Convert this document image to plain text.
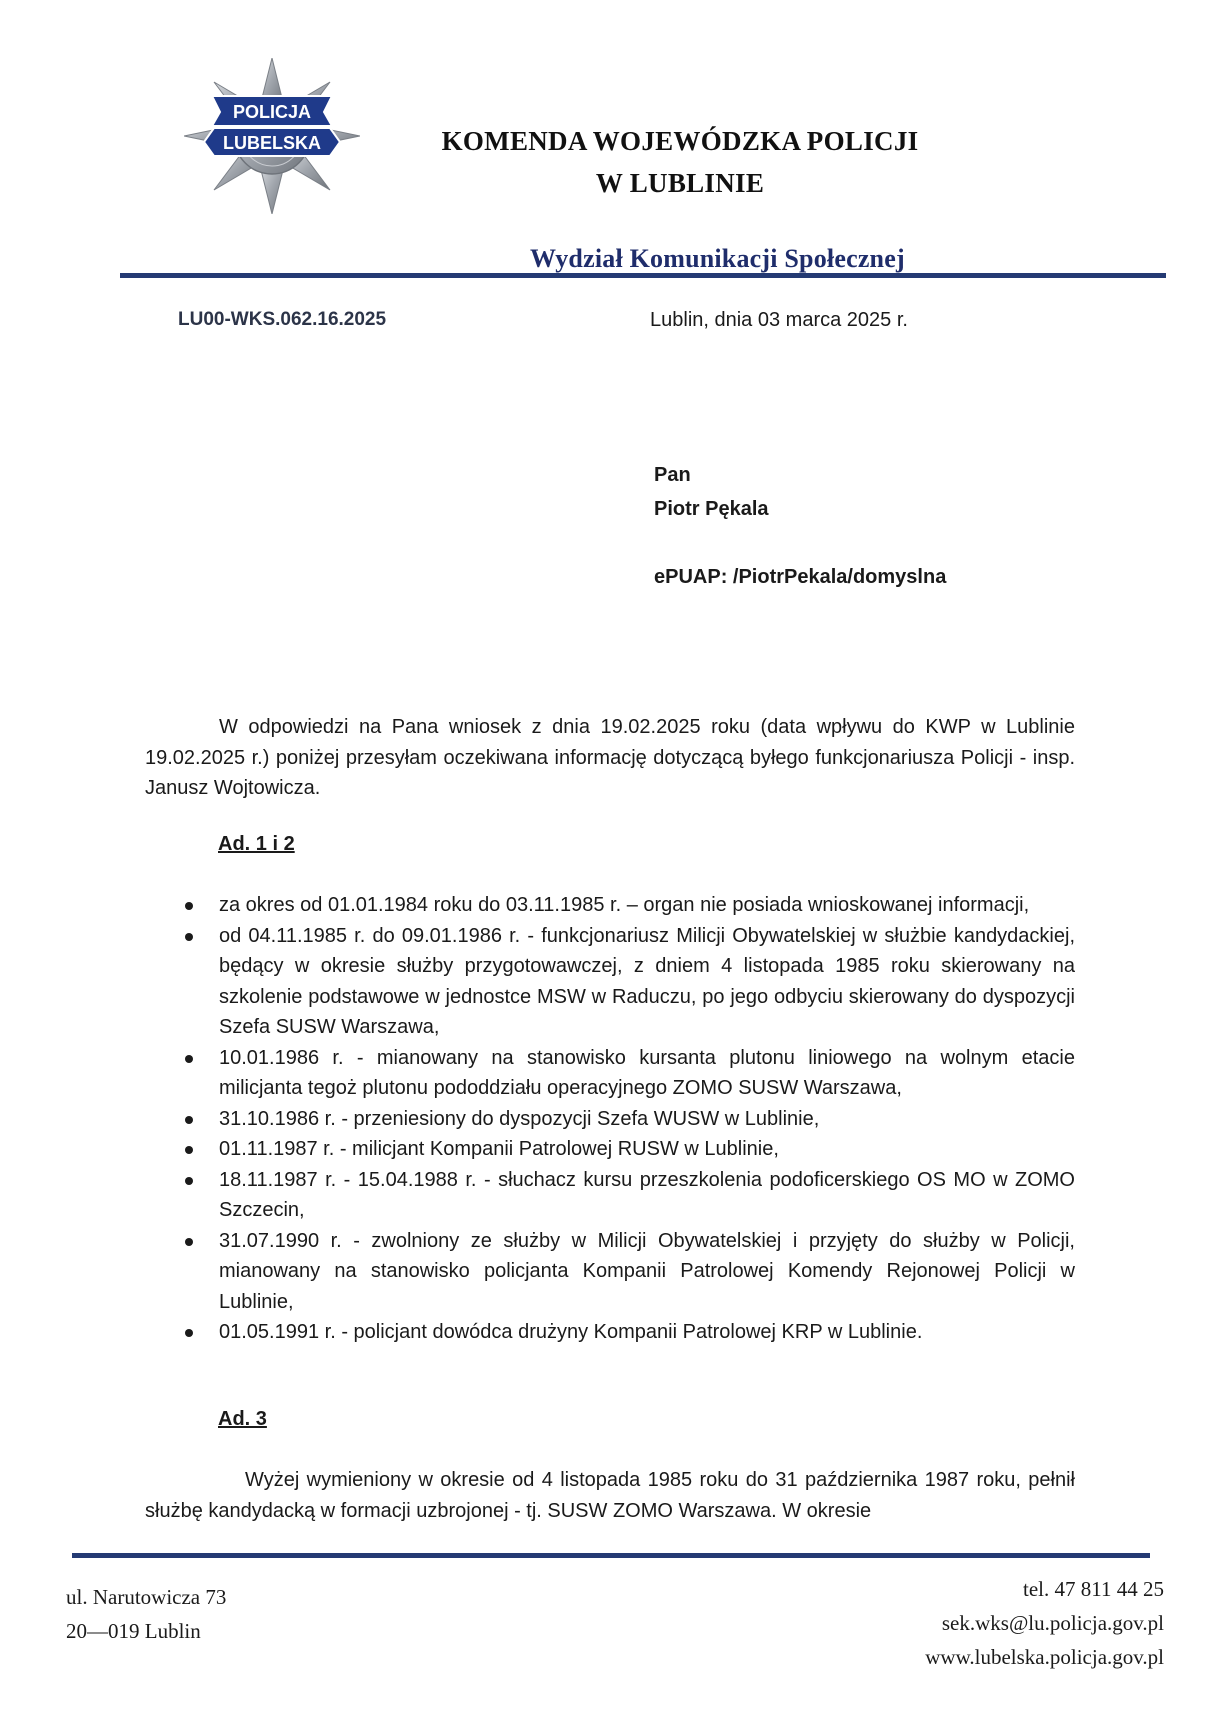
POLICJA
LUBELSKA	KOMENDA WOJEWÓDZKA POLICJI
W LUBLINIE
Wydział Komunikacji Społecznej
LU00-WKS.062.16.2025	Lublin, dnia 03 marca 2025 r.
Pan
Piotr Pękala
ePUAP: /PiotrPekala/domyslna

W odpowiedzi na Pana wniosek z dnia 19.02.2025 roku (data wpływu do KWP w Lublinie 19.02.2025 r.) poniżej przesyłam oczekiwana informację dotyczącą byłego funkcjonariusza Policji - insp. Janusz Wojtowicza.

Ad. 1 i 2
za okres od 01.01.1984 roku do 03.11.1985 r. – organ nie posiada wnioskowanej informacji,
od 04.11.1985 r. do 09.01.1986 r. - funkcjonariusz Milicji Obywatelskiej w służbie kandydackiej, będący w okresie służby przygotowawczej, z dniem 4 listopada 1985 roku skierowany na szkolenie podstawowe w jednostce MSW w Raduczu, po jego odbyciu skierowany do dyspozycji Szefa SUSW Warszawa,
10.01.1986 r. - mianowany na stanowisko kursanta plutonu liniowego na wolnym etacie milicjanta tegoż plutonu pododdziału operacyjnego ZOMO SUSW Warszawa,
31.10.1986 r. - przeniesiony do dyspozycji Szefa WUSW w Lublinie,
01.11.1987 r. - milicjant Kompanii Patrolowej RUSW w Lublinie,
18.11.1987 r. - 15.04.1988 r. - słuchacz kursu przeszkolenia podoficerskiego OS MO w ZOMO Szczecin,
31.07.1990 r. - zwolniony ze służby w Milicji Obywatelskiej i przyjęty do służby w Policji, mianowany na stanowisko policjanta Kompanii Patrolowej Komendy Rejonowej Policji w Lublinie,
01.05.1991 r. - policjant dowódca drużyny Kompanii Patrolowej KRP w Lublinie.
Ad. 3

Wyżej wymieniony w okresie od 4 listopada 1985 roku do 31 października 1987 roku, pełnił służbę kandydacką w formacji uzbrojonej - tj. SUSW ZOMO Warszawa. W okresie

ul. Narutowicza 73
20—019 Lublin
tel. 47 811 44 25
sek.wks@lu.policja.gov.pl
www.lubelska.policja.gov.pl
